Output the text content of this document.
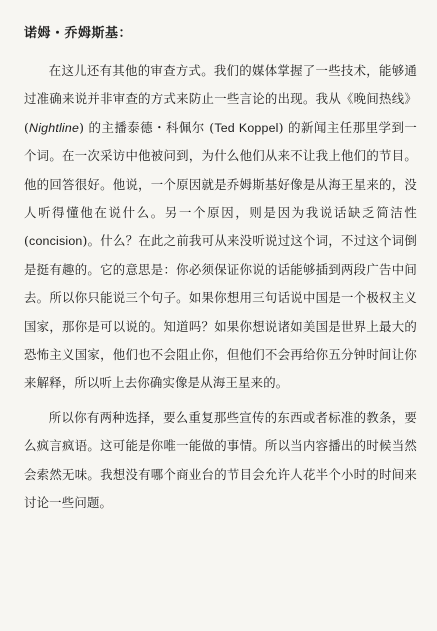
诺姆・乔姆斯基：

在这儿还有其他的审查方式。我们的媒体掌握了一些技术，能够通过准确来说并非审查的方式来防止一些言论的出现。我从《晚间热线》(Nightline) 的主播泰德・科佩尔 (Ted Koppel) 的新闻主任那里学到一个词。在一次采访中他被问到，为什么他们从来不让我上他们的节目。他的回答很好。他说，一个原因就是乔姆斯基好像是从海王星来的，没人听得懂他在说什么。另一个原因，则是因为我说话缺乏简洁性 (concision)。什么？在此之前我可从来没听说过这个词，不过这个词倒是挺有趣的。它的意思是：你必须保证你说的话能够插到两段广告中间去。所以你只能说三个句子。如果你想用三句话说中国是一个极权主义国家，那你是可以说的。知道吗？如果你想说诸如美国是世界上最大的恐怖主义国家，他们也不会阻止你，但他们不会再给你五分钟时间让你来解释，所以听上去你确实像是从海王星来的。

所以你有两种选择，要么重复那些宣传的东西或者标准的教条，要么疯言疯语。这可能是你唯一能做的事情。所以当内容播出的时候当然会索然无味。我想没有哪个商业台的节目会允许人花半个小时的时间来讨论一些问题。
